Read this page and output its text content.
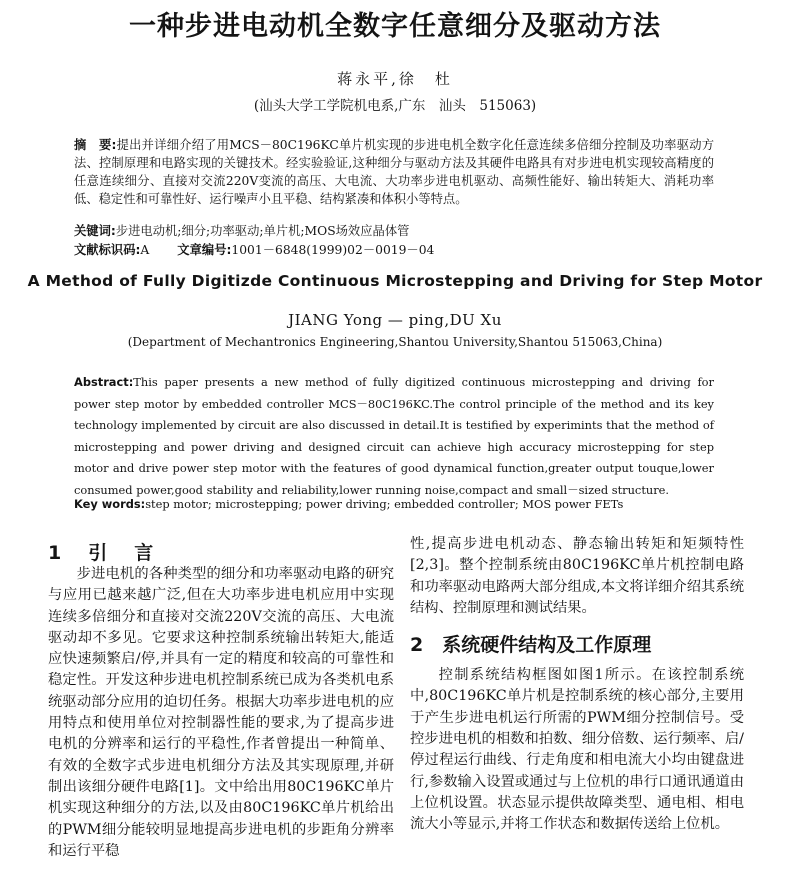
一种步进电动机全数字任意细分及驱动方法
蒋永平,徐　杜
(汕头大学工学院机电系,广东　汕头　515063)
摘　要:提出并详细介绍了用MCS－80C196KC单片机实现的步进电机全数字化任意连续多倍细分控制及功率驱动方法、控制原理和电路实现的关键技术。经实验验证,这种细分与驱动方法及其硬件电路具有对步进电机实现较高精度的任意连续细分、直接对交流220V变流的高压、大电流、大功率步进电机驱动、高频性能好、输出转矩大、消耗功率低、稳定性和可靠性好、运行噪声小且平稳、结构紧凑和体积小等特点。
关键词:步进电动机;细分;功率驱动;单片机;MOS场效应晶体管
文献标识码:A 文章编号:1001－6848(1999)02－0019－04
A Method of Fully Digitizde Continuous Microstepping and Driving for Step Motor
JIANG Yong — ping,DU Xu
(Department of Mechantronics Engineering,Shantou University,Shantou 515063,China)
Abstract:This paper presents a new method of fully digitized continuous microstepping and driving for power step motor by embedded controller MCS－80C196KC.The control principle of the method and its key technology implemented by circuit are also discussed in detail.It is testified by experimints that the method of microstepping and power driving and designed circuit can achieve high accuracy microstepping for step motor and drive power step motor with the features of good dynamical function,greater output touque,lower consumed power,good stability and reliability,lower running noise,compact and small－sized structure.
Key words:step motor; microstepping; power driving; embedded controller; MOS power FETs
1　引　言

步进电机的各种类型的细分和功率驱动电路的研究与应用已越来越广泛,但在大功率步进电机应用中实现连续多倍细分和直接对交流220V交流的高压、大电流驱动却不多见。它要求这种控制系统输出转矩大,能适应快速频繁启/停,并具有一定的精度和较高的可靠性和稳定性。开发这种步进电机控制系统已成为各类机电系统驱动部分应用的迫切任务。根据大功率步进电机的应用特点和使用单位对控制器性能的要求,为了提高步进电机的分辨率和运行的平稳性,作者曾提出一种简单、有效的全数字式步进电机细分方法及其实现原理,并研制出该细分硬件电路[1]。文中给出用80C196KC单片机实现这种细分的方法,以及由80C196KC单片机给出的PWM细分能较明显地提高步进电机的步距角分辨率和运行平稳

性,提高步进电机动态、静态输出转矩和矩频特性[2,3]。整个控制系统由80C196KC单片机控制电路和功率驱动电路两大部分组成,本文将详细介绍其系统结构、控制原理和测试结果。

控制系统结构框图如图1所示。在该控制系统中,80C196KC单片机是控制系统的核心部分,主要用于产生步进电机运行所需的PWM细分控制信号。受控步进电机的相数和拍数、细分倍数、运行频率、启/停过程运行曲线、行走角度和相电流大小均由键盘进行,参数输入设置或通过与上位机的串行口通讯通道由上位机设置。状态显示提供故障类型、通电相、相电流大小等显示,并将工作状态和数据传送给上位机。

2　系统硬件结构及工作原理
